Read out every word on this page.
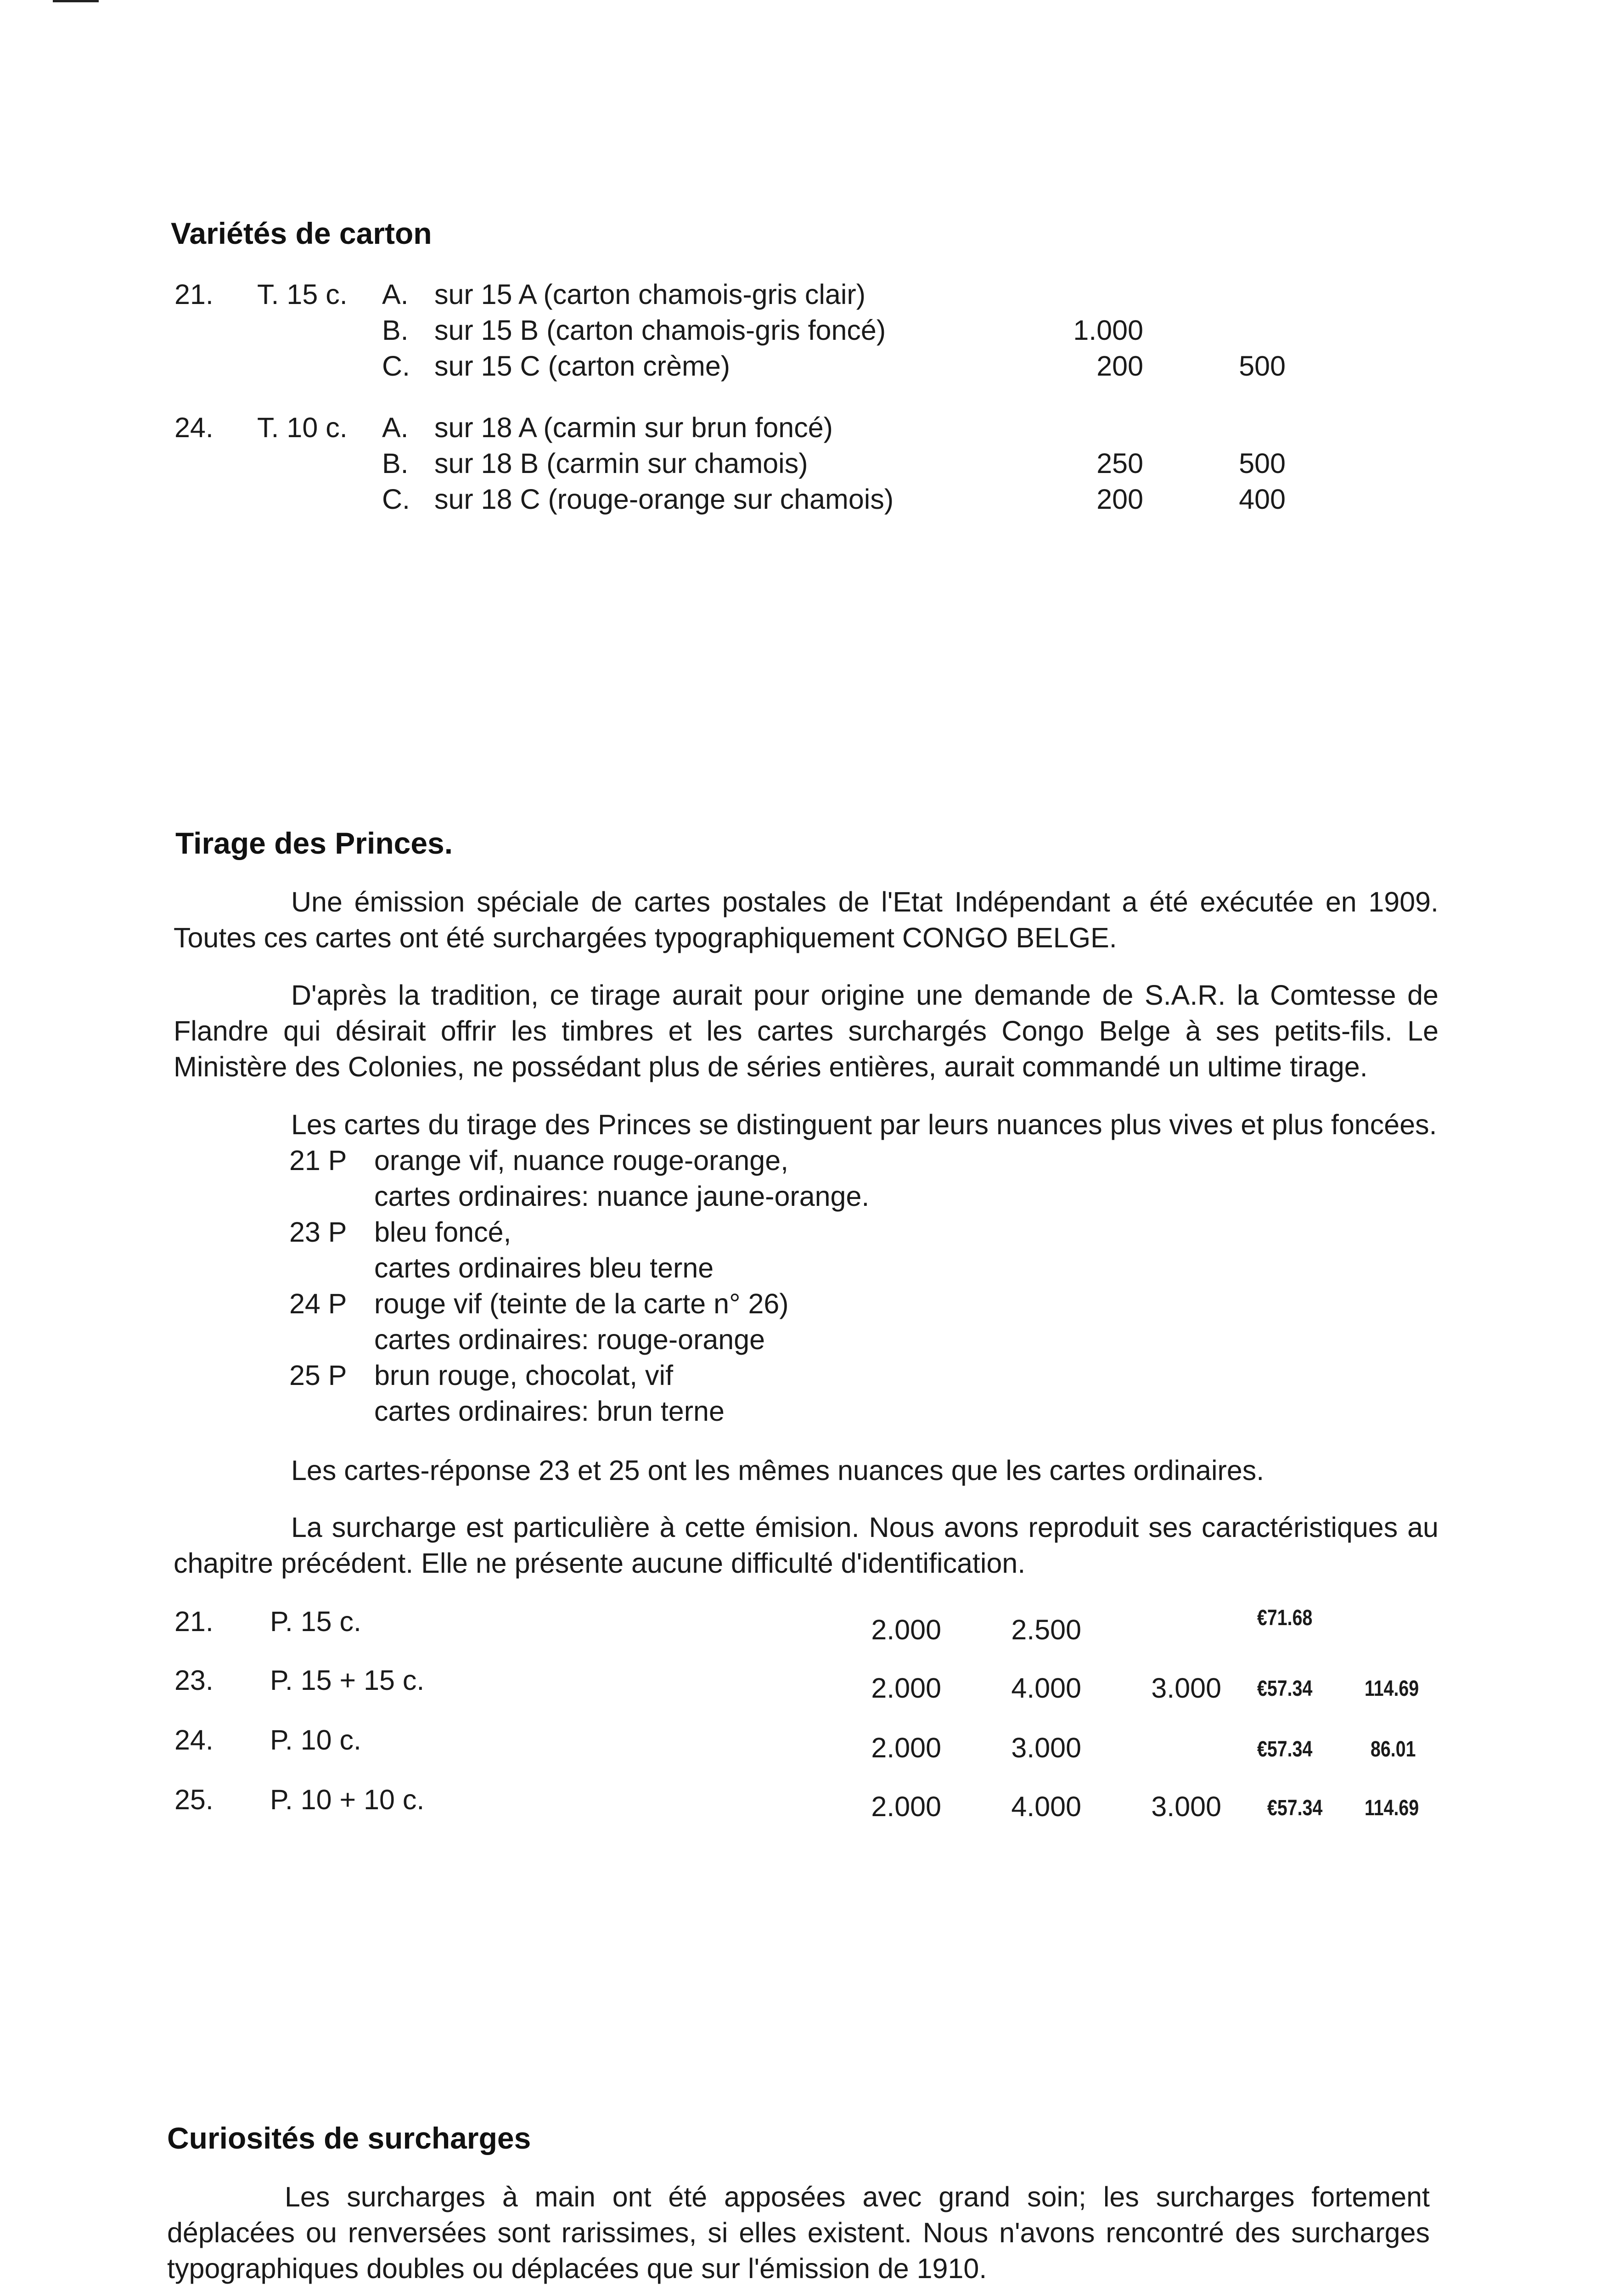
Variétés de carton
21. T. 15 c. A. sur 15 A (carton chamois-gris clair)
B. sur 15 B (carton chamois-gris foncé)	1.000
C. sur 15 C (carton crème)	200	500
24. T. 10 c. A. sur 18 A (carmin sur brun foncé)
B. sur 18 B (carmin sur chamois)	250	500
C. sur 18 C (rouge-orange sur chamois)	200	400
Tirage des Princes.

Une émission spéciale de cartes postales de l'Etat Indépendant a été exécutée en 1909. Toutes ces cartes ont été surchargées typographiquement CONGO BELGE.

D'après la tradition, ce tirage aurait pour origine une demande de S.A.R. la Comtesse de Flandre qui désirait offrir les timbres et les cartes surchargés Congo Belge à ses petits-fils. Le Ministère des Colonies, ne possédant plus de séries entières, aurait commandé un ultime tirage.

Les cartes du tirage des Princes se distinguent par leurs nuances plus vives et plus foncées.

21 P orange vif, nuance rouge-orange,
cartes ordinaires: nuance jaune-orange.
23 P bleu foncé,
cartes ordinaires bleu terne
24 P rouge vif (teinte de la carte n° 26)
cartes ordinaires: rouge-orange
25 P brun rouge, chocolat, vif
cartes ordinaires: brun terne

Les cartes-réponse 23 et 25 ont les mêmes nuances que les cartes ordinaires.

La surcharge est particulière à cette émision. Nous avons reproduit ses caractéristiques au chapitre précédent. Elle ne présente aucune difficulté d'identification.

21. P. 15 c.	2.000	2.500	€71.68
23. P. 15 + 15 c.	2.000	4.000	3.000 €57.34 114.69
24. P. 10 c.	2.000	3.000	€57.34	86.01
25. P. 10 + 10 c.	2.000	4.000	3.000 €57.34 114.69
Curiosités de surcharges

Les surcharges à main ont été apposées avec grand soin; les surcharges fortement déplacées ou renversées sont rarissimes, si elles existent. Nous n'avons rencontré des surcharges typographiques doubles ou déplacées que sur l'émission de 1910.
